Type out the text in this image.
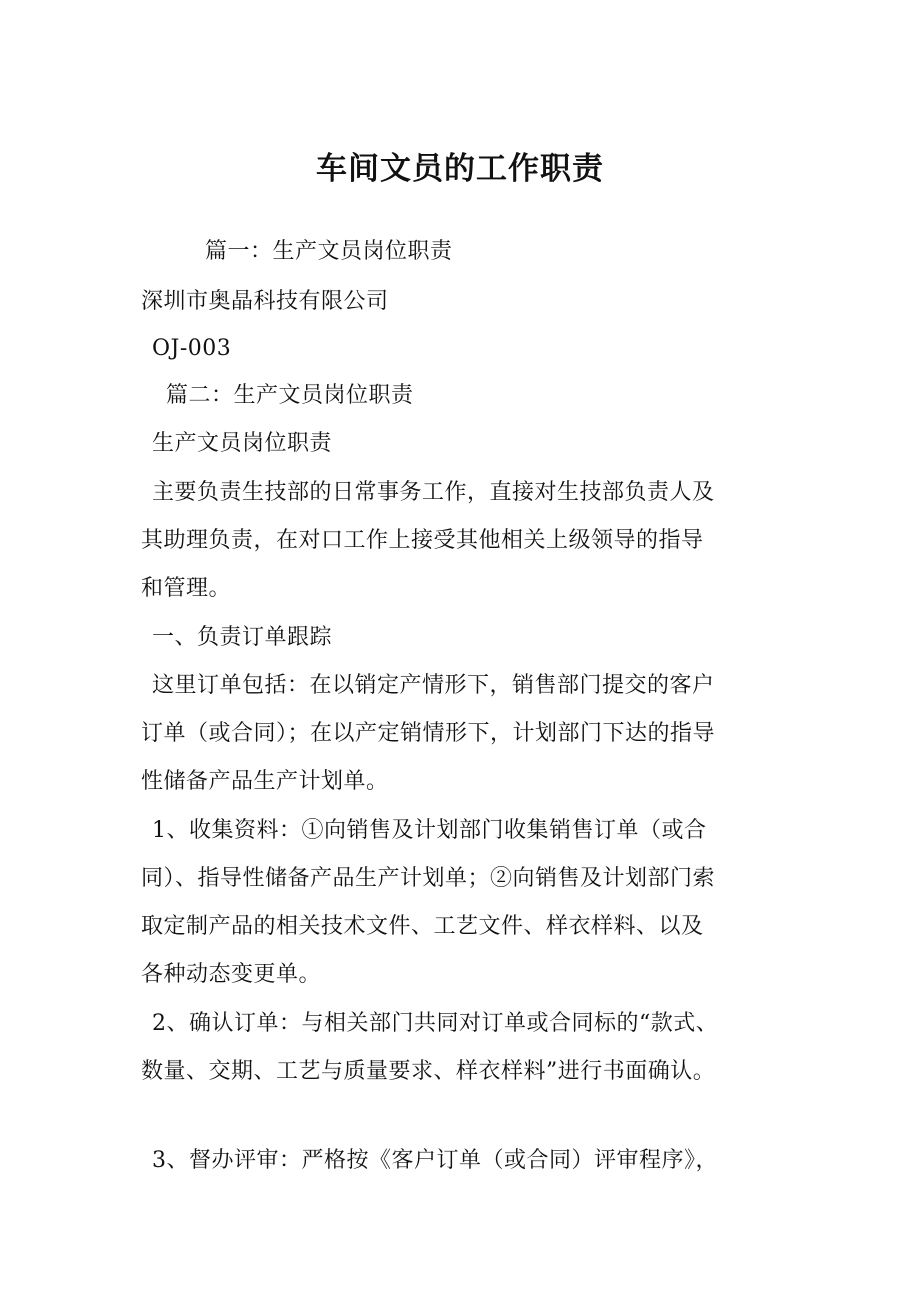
车间文员的工作职责
篇一：生产文员岗位职责
深圳市奥晶科技有限公司
OJ-003
篇二：生产文员岗位职责
生产文员岗位职责
主要负责生技部的日常事务工作，直接对生技部负责人及
其助理负责，在对口工作上接受其他相关上级领导的指导
和管理。
一、负责订单跟踪
这里订单包括：在以销定产情形下，销售部门提交的客户
订单（或合同）；在以产定销情形下，计划部门下达的指导
性储备产品生产计划单。
1、收集资料：①向销售及计划部门收集销售订单（或合
同）、指导性储备产品生产计划单；②向销售及计划部门索
取定制产品的相关技术文件、工艺文件、样衣样料、以及
各种动态变更单。
2、确认订单：与相关部门共同对订单或合同标的“款式、
数量、交期、工艺与质量要求、样衣样料”进行书面确认。
3、督办评审：严格按《客户订单（或合同）评审程序》，
